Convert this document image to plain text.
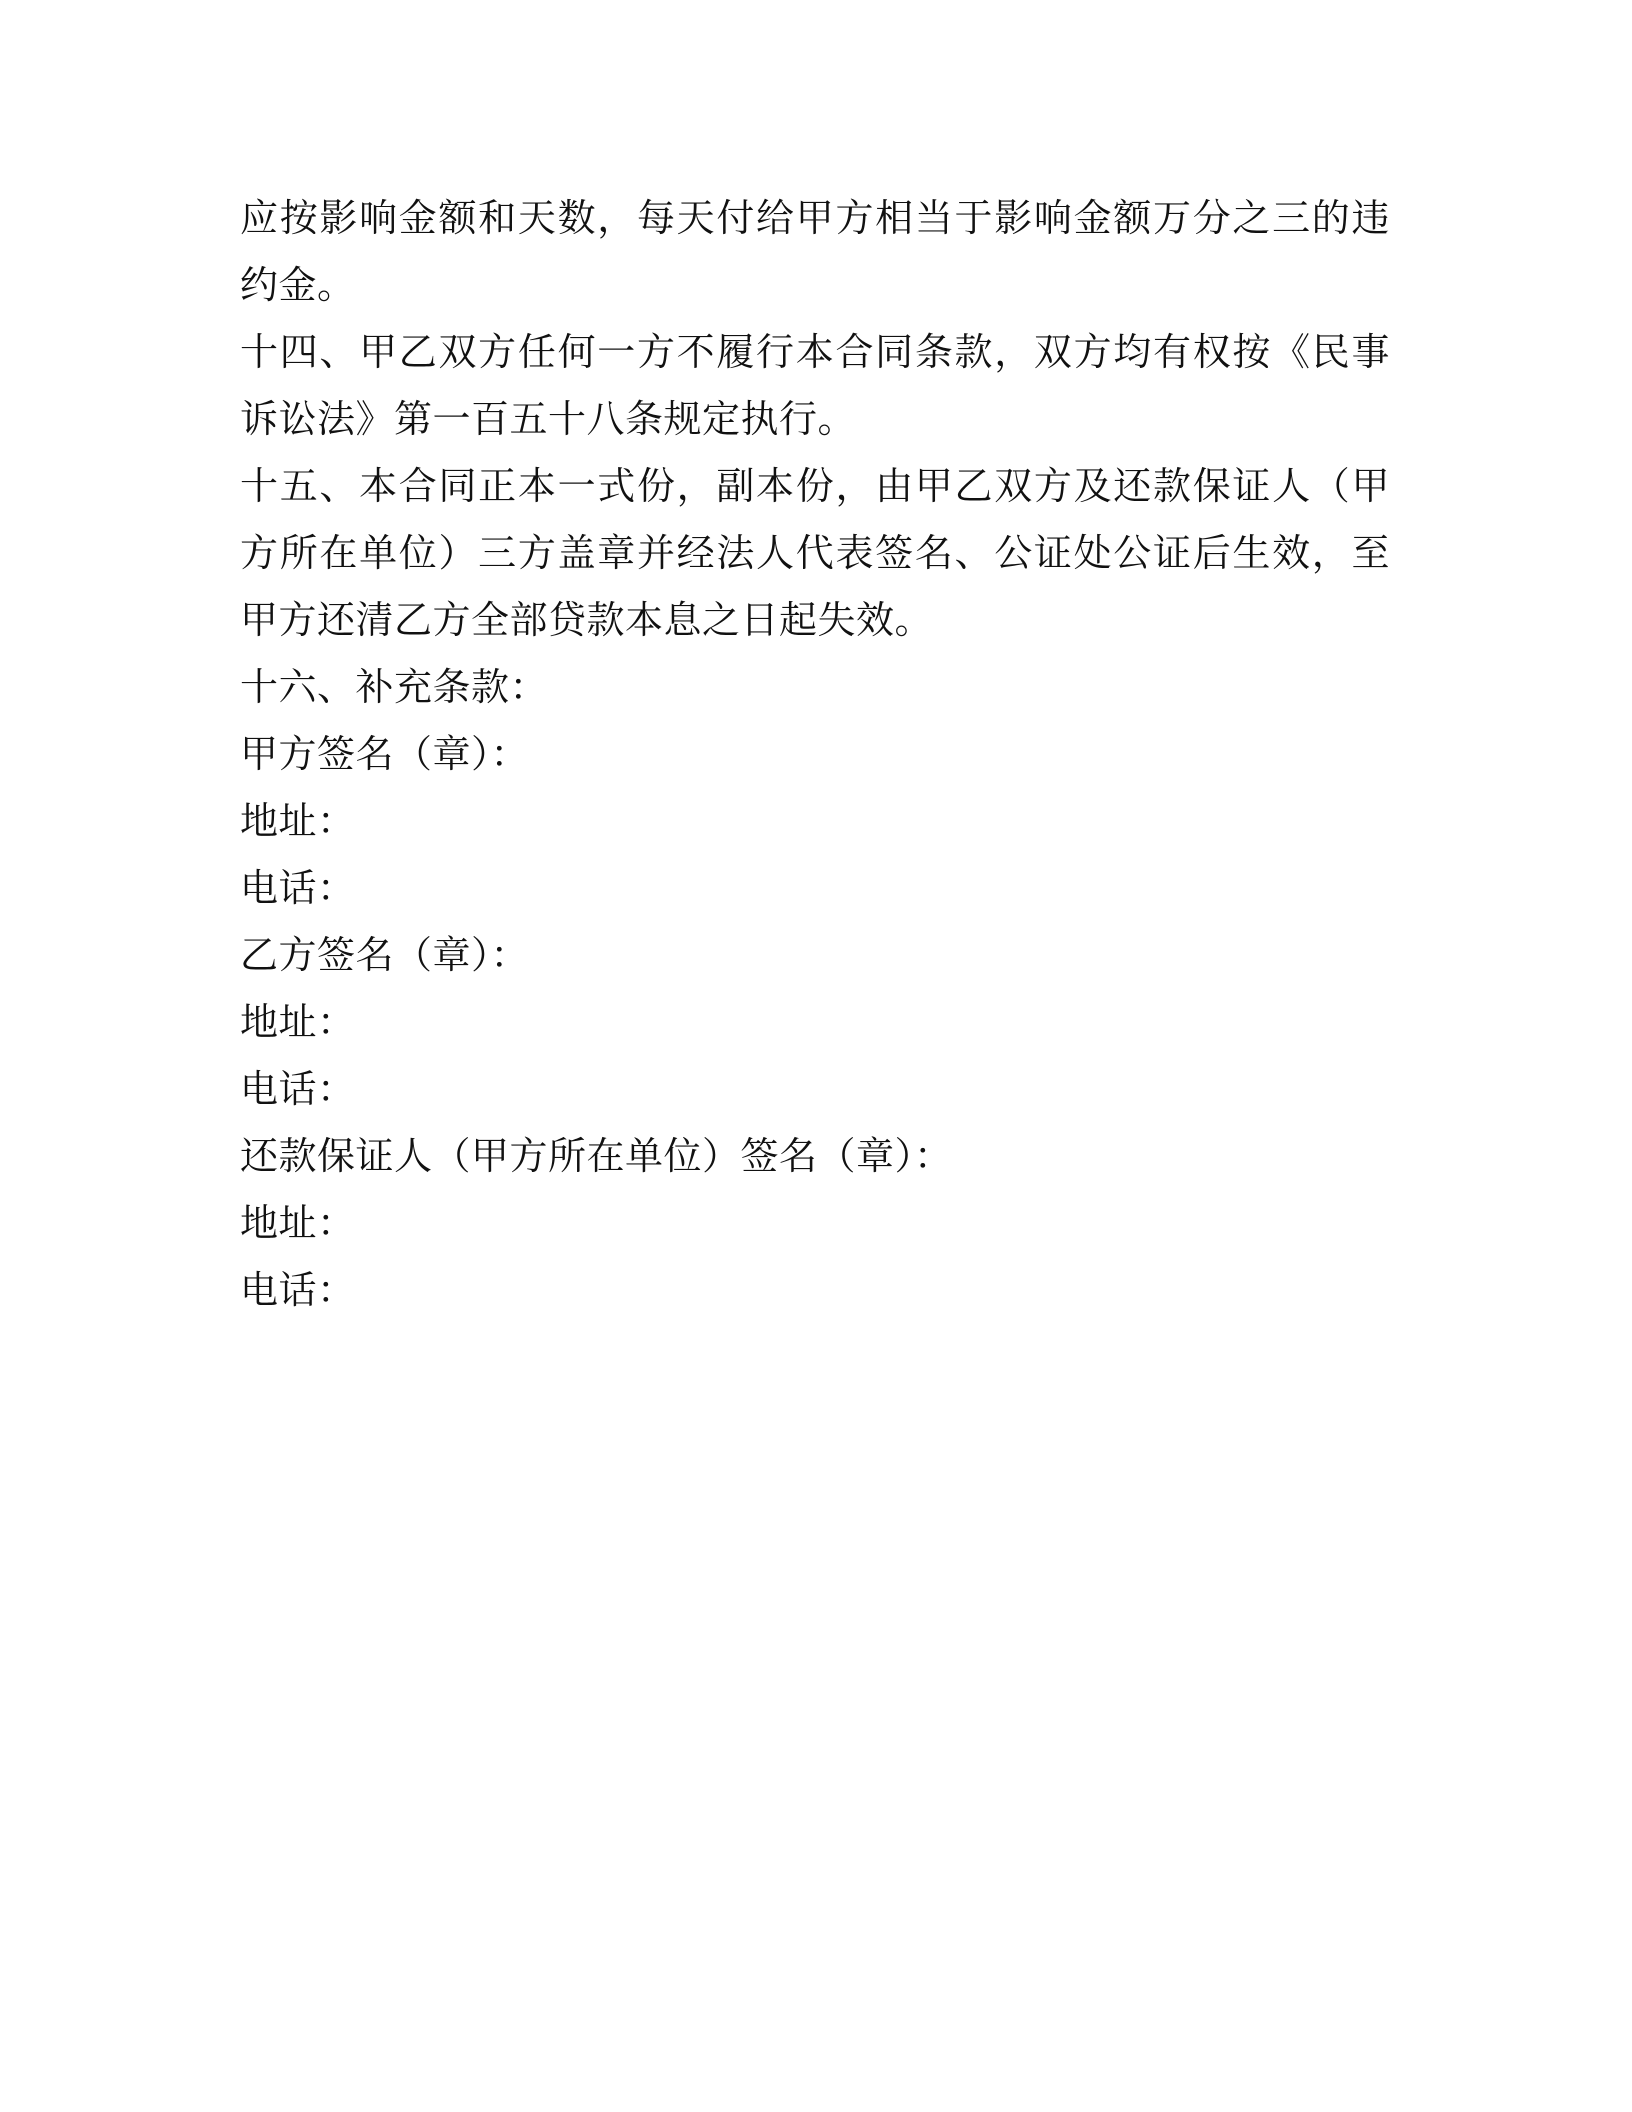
应按影响金额和天数，每天付给甲方相当于影响金额万分之三的违约金。

十四、甲乙双方任何一方不履行本合同条款，双方均有权按《民事诉讼法》第一百五十八条规定执行。

十五、本合同正本一式份，副本份，由甲乙双方及还款保证人（甲方所在单位）三方盖章并经法人代表签名、公证处公证后生效，至甲方还清乙方全部贷款本息之日起失效。

十六、补充条款：

甲方签名（章）：

地址：

电话：

乙方签名（章）：

地址：

电话：

还款保证人（甲方所在单位）签名（章）：

地址：

电话：
